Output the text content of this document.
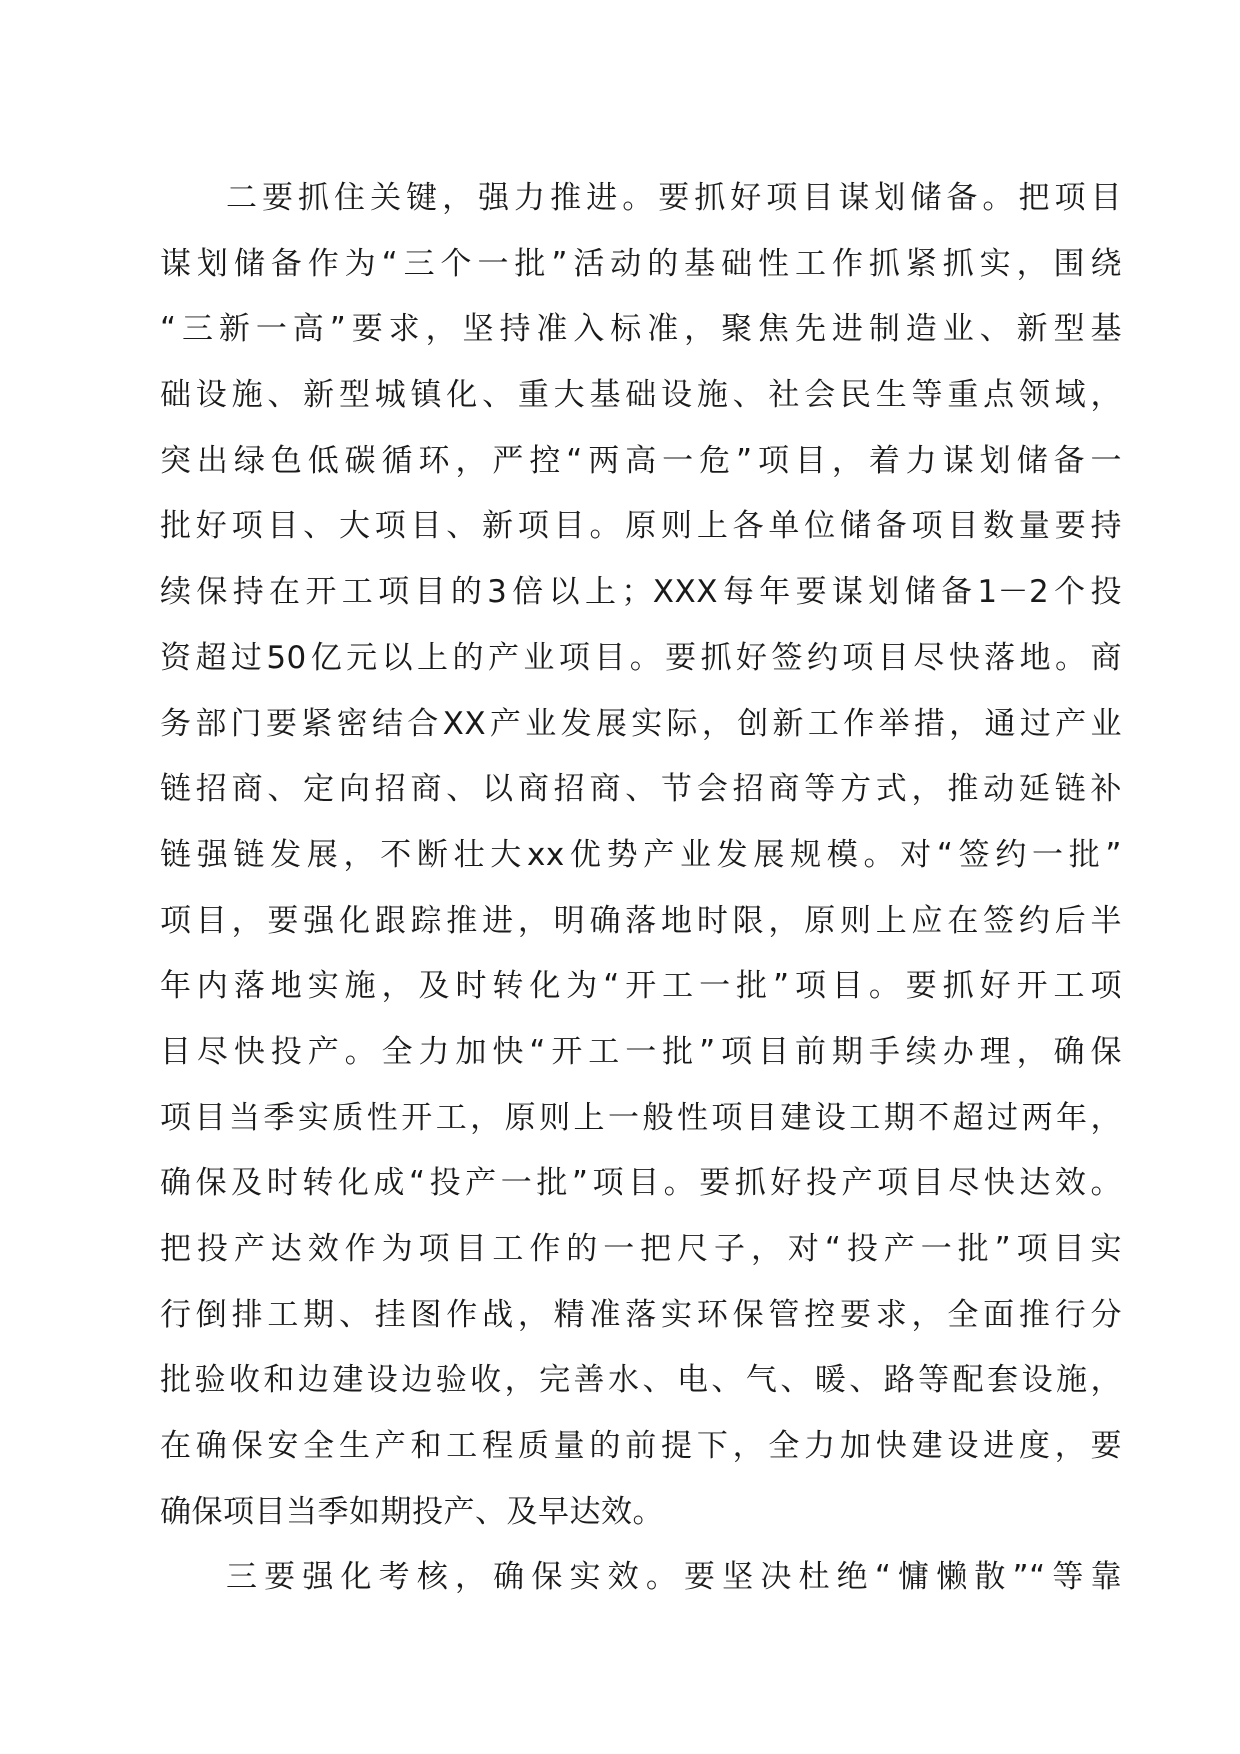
二要抓住关键，强力推进。要抓好项目谋划储备。把项目
谋划储备作为“三个一批”活动的基础性工作抓紧抓实，围绕
“三新一高”要求，坚持准入标准，聚焦先进制造业、新型基
础设施、新型城镇化、重大基础设施、社会民生等重点领域，
突出绿色低碳循环，严控“两高一危”项目，着力谋划储备一
批好项目、大项目、新项目。原则上各单位储备项目数量要持
续保持在开工项目的3倍以上；XXX每年要谋划储备1－2个投
资超过50亿元以上的产业项目。要抓好签约项目尽快落地。商
务部门要紧密结合XX产业发展实际，创新工作举措，通过产业
链招商、定向招商、以商招商、节会招商等方式，推动延链补
链强链发展，不断壮大xx优势产业发展规模。对“签约一批”
项目，要强化跟踪推进，明确落地时限，原则上应在签约后半
年内落地实施，及时转化为“开工一批”项目。要抓好开工项
目尽快投产。全力加快“开工一批”项目前期手续办理，确保
项目当季实质性开工，原则上一般性项目建设工期不超过两年，
确保及时转化成“投产一批”项目。要抓好投产项目尽快达效。
把投产达效作为项目工作的一把尺子，对“投产一批”项目实
行倒排工期、挂图作战，精准落实环保管控要求，全面推行分
批验收和边建设边验收，完善水、电、气、暖、路等配套设施，
在确保安全生产和工程质量的前提下，全力加快建设进度，要
确保项目当季如期投产、及早达效。

三要强化考核，确保实效。要坚决杜绝“慵懒散”“等靠
